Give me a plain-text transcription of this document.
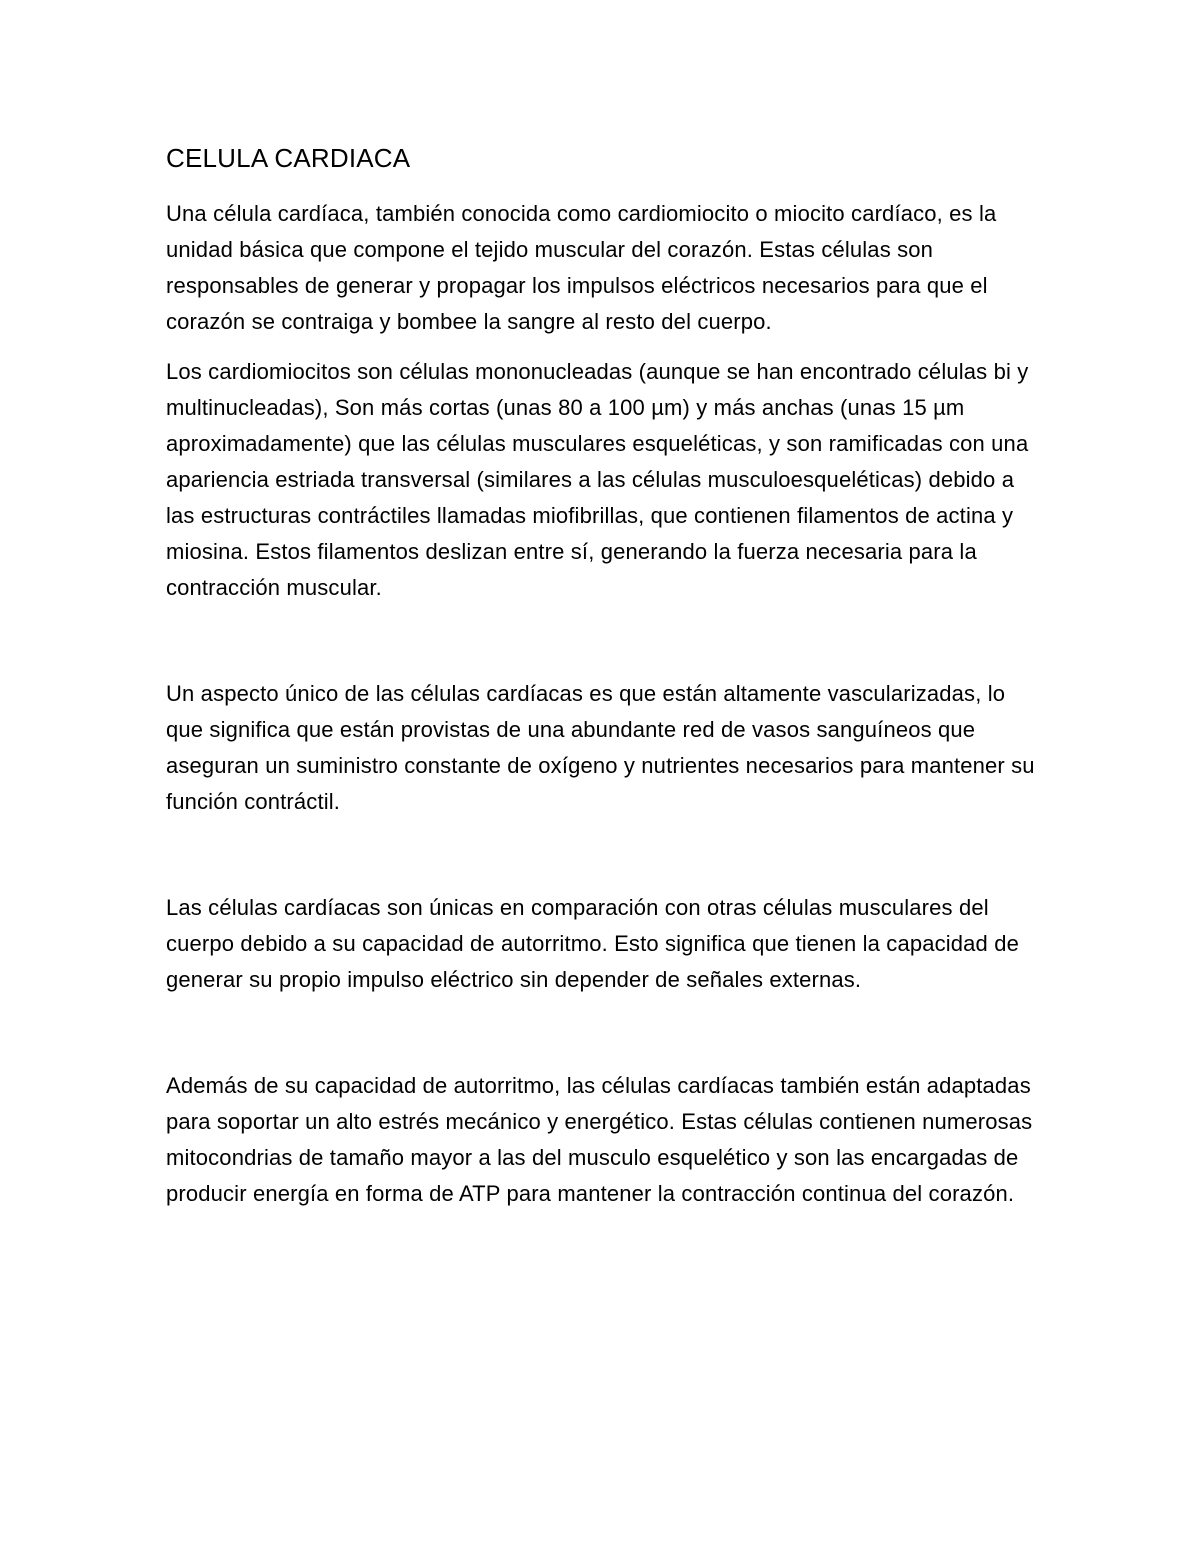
CELULA CARDIACA

Una célula cardíaca, también conocida como cardiomiocito o miocito cardíaco, es la unidad básica que compone el tejido muscular del corazón. Estas células son responsables de generar y propagar los impulsos eléctricos necesarios para que el corazón se contraiga y bombee la sangre al resto del cuerpo.

Los cardiomiocitos son células mononucleadas (aunque se han encontrado células bi y multinucleadas), Son más cortas (unas 80 a 100 µm) y más anchas (unas 15 µm aproximadamente) que las células musculares esqueléticas, y son ramificadas con una apariencia estriada transversal (similares a las células musculoesqueléticas) debido a las estructuras contráctiles llamadas miofibrillas, que contienen filamentos de actina y miosina. Estos filamentos deslizan entre sí, generando la fuerza necesaria para la contracción muscular.

Un aspecto único de las células cardíacas es que están altamente vascularizadas, lo que significa que están provistas de una abundante red de vasos sanguíneos que aseguran un suministro constante de oxígeno y nutrientes necesarios para mantener su función contráctil.

Las células cardíacas son únicas en comparación con otras células musculares del cuerpo debido a su capacidad de autorritmo. Esto significa que tienen la capacidad de generar su propio impulso eléctrico sin depender de señales externas.

Además de su capacidad de autorritmo, las células cardíacas también están adaptadas para soportar un alto estrés mecánico y energético. Estas células contienen numerosas mitocondrias de tamaño mayor a las del musculo esquelético y son las encargadas de producir energía en forma de ATP para mantener la contracción continua del corazón.
